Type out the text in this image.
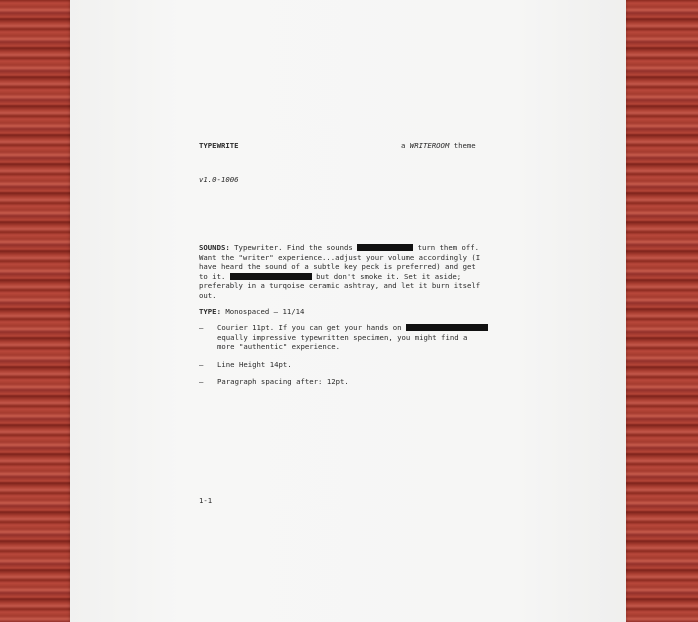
TYPEWRITE	a WRITEROOM theme
v1.0-1006
SOUNDS: Typewriter. Find the sounds	turn them off.
Want the "writer" experience...adjust your volume accordingly (I
have heard the sound of a subtle key peck is preferred) and get
to it.	but don't smoke it. Set it aside;
preferably in a turqoise ceramic ashtray, and let it burn itself
out.
TYPE: Monospaced — 11/14
— Courier 11pt. If you can get your hands on
equally impressive typewritten specimen, you might find a
more "authentic" experience.
— Line Height 14pt.
— Paragraph spacing after: 12pt.
1-1
